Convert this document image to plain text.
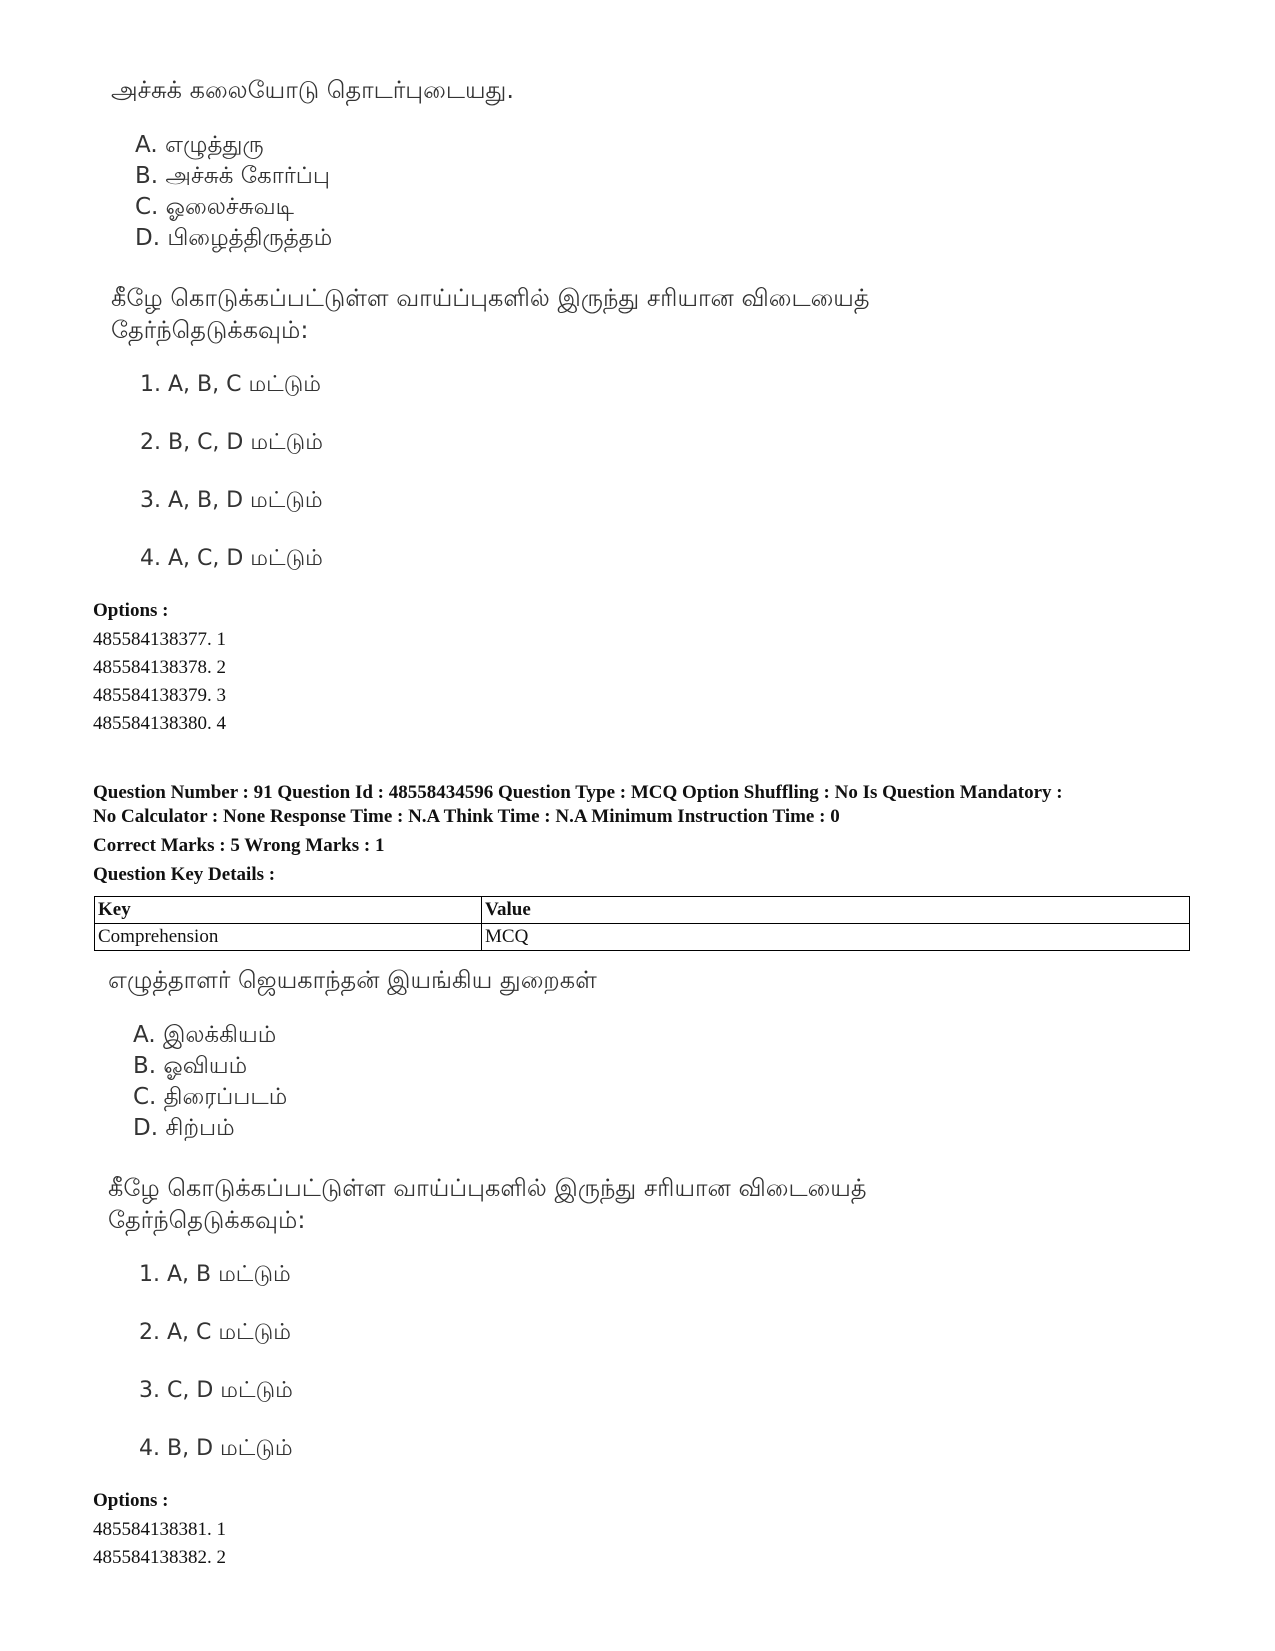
அச்சுக் கலையோடு தொடர்புடையது.
A. எழுத்துரு
B. அச்சுக் கோர்ப்பு
C. ஓலைச்சுவடி
D. பிழைத்திருத்தம்
கீழே கொடுக்கப்பட்டுள்ள வாய்ப்புகளில் இருந்து சரியான விடையைத்
தேர்ந்தெடுக்கவும்:
1. A, B, C மட்டும்
2. B, C, D மட்டும்
3. A, B, D மட்டும்
4. A, C, D மட்டும்
Options :
485584138377. 1
485584138378. 2
485584138379. 3
485584138380. 4
Question Number : 91 Question Id : 48558434596 Question Type : MCQ Option Shuffling : No Is Question Mandatory :
No Calculator : None Response Time : N.A Think Time : N.A Minimum Instruction Time : 0
Correct Marks : 5 Wrong Marks : 1
Question Key Details :
Key	Value
Comprehension	MCQ
எழுத்தாளர் ஜெயகாந்தன் இயங்கிய துறைகள்
A. இலக்கியம்
B. ஓவியம்
C. திரைப்படம்
D. சிற்பம்
கீழே கொடுக்கப்பட்டுள்ள வாய்ப்புகளில் இருந்து சரியான விடையைத்
தேர்ந்தெடுக்கவும்:
1. A, B மட்டும்
2. A, C மட்டும்
3. C, D மட்டும்
4. B, D மட்டும்
Options :
485584138381. 1
485584138382. 2
